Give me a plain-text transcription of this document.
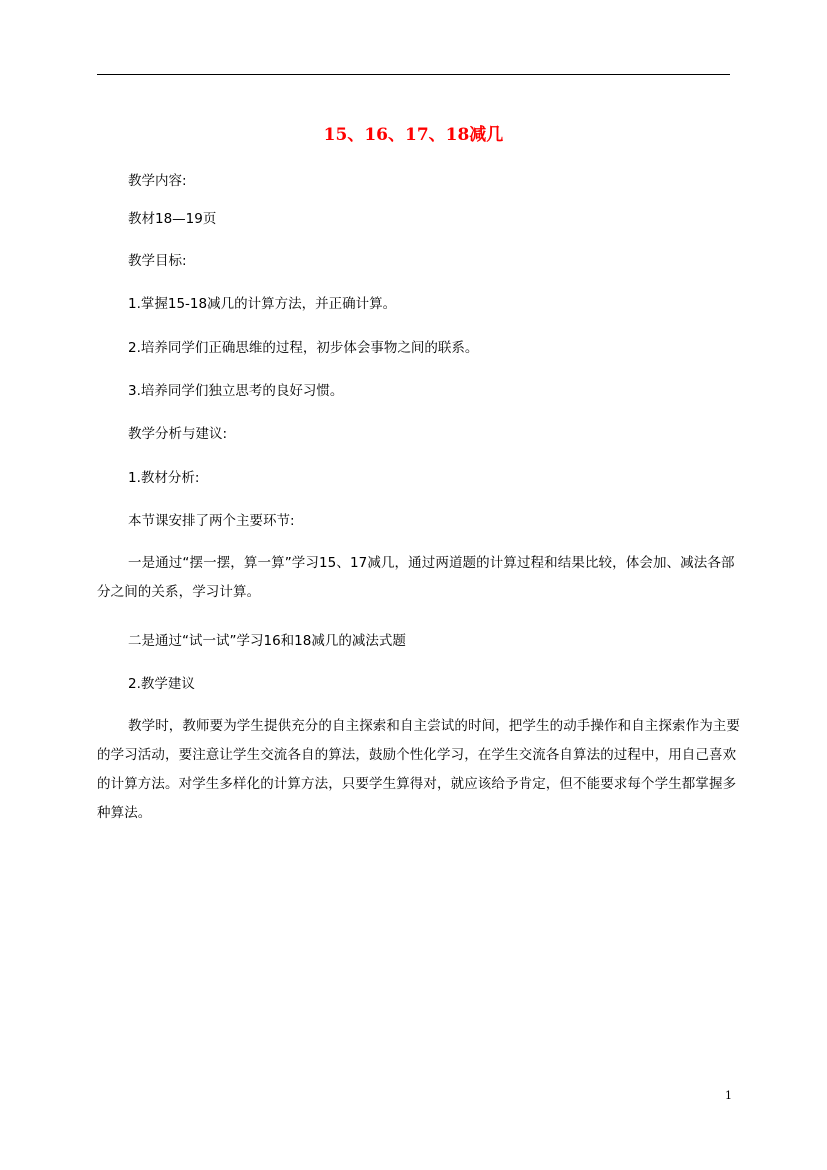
15、16、17、18减几

教学内容:

教材18—19页

教学目标:

1.掌握15-18减几的计算方法，并正确计算。

2.培养同学们正确思维的过程，初步体会事物之间的联系。

3.培养同学们独立思考的良好习惯。

教学分析与建议:

1.教材分析:

本节课安排了两个主要环节:

一是通过“摆一摆，算一算”学习15、17减几，通过两道题的计算过程和结果比较，体会加、减法各部分之间的关系，学习计算。

二是通过“试一试”学习16和18减几的减法式题

2.教学建议

教学时，教师要为学生提供充分的自主探索和自主尝试的时间，把学生的动手操作和自主探索作为主要的学习活动，要注意让学生交流各自的算法，鼓励个性化学习，在学生交流各自算法的过程中，用自己喜欢的计算方法。对学生多样化的计算方法，只要学生算得对，就应该给予肯定，但不能要求每个学生都掌握多种算法。

1
